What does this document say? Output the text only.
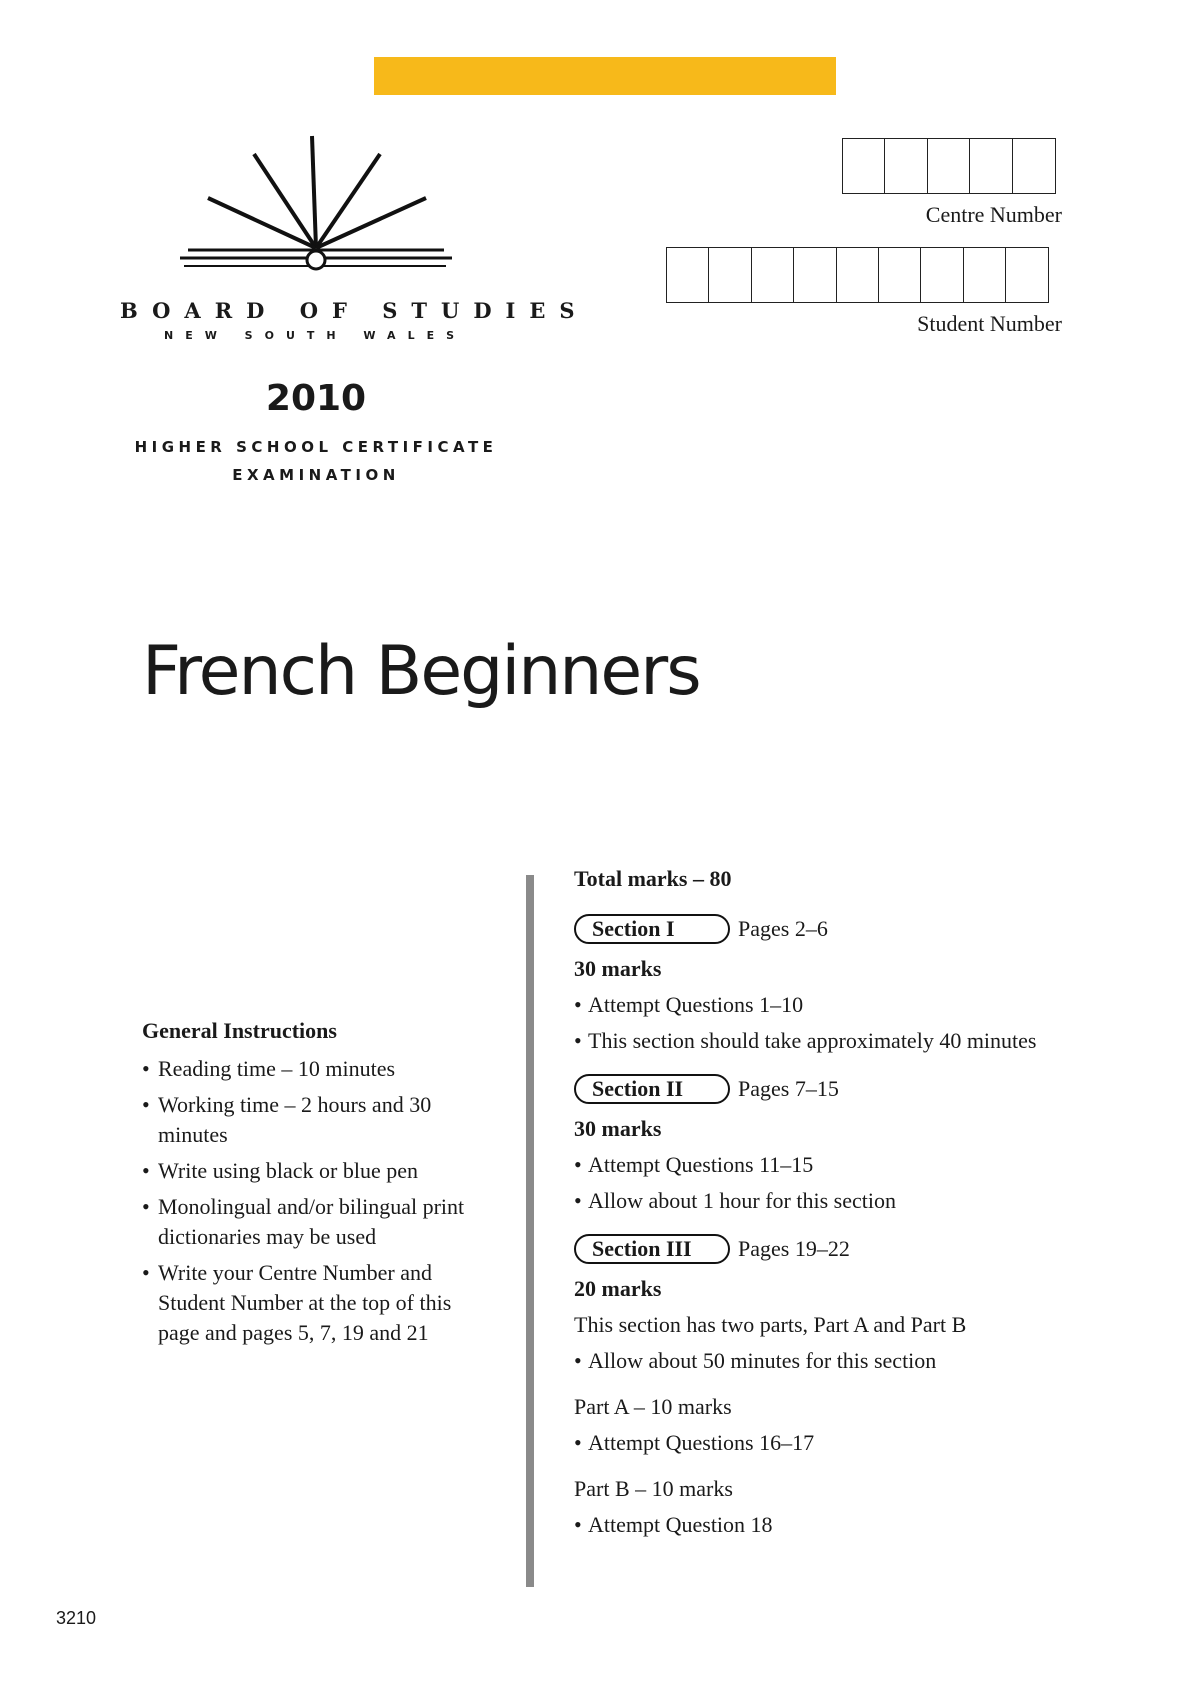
BOARD OF STUDIES
NEW SOUTH WALES
2010
HIGHER SCHOOL CERTIFICATE EXAMINATION
Centre Number
Student Number
French Beginners

General Instructions

• Reading time – 10 minutes

• Working time – 2 hours and 30 minutes

• Write using black or blue pen

• Monolingual and/or bilingual print dictionaries may be used

• Write your Centre Number and Student Number at the top of this page and pages 5, 7, 19 and 21

Total marks – 80

Section I	Pages 2–6

30 marks

• Attempt Questions 1–10

• This section should take approximately 40 minutes

Section II	Pages 7–15

30 marks

• Attempt Questions 11–15

• Allow about 1 hour for this section

Section III	Pages 19–22

20 marks

This section has two parts, Part A and Part B

• Allow about 50 minutes for this section

Part A – 10 marks

• Attempt Questions 16–17

Part B – 10 marks

• Attempt Question 18

3210
